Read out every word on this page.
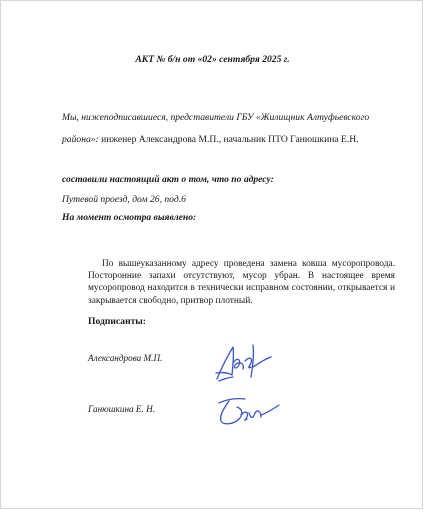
АКТ № б/н от «02» сентября 2025 г.
Мы, нижеподписавшиеся, представители ГБУ «Жилищник Алтуфьевского
района»: инженер Александрова М.П., начальник ПТО Ганюшкина Е.Н.
составили настоящий акт о том, что по адресу:
Путевой проезд, дом 26, под.6
На момент осмотра выявлено:
По вышеуказанному адресу проведена замена ковша мусоропровода.
Посторонние запахи отсутствуют, мусор убран. В настоящее время
мусоропровод находится в технически исправном состоянии, открывается и
закрывается свободно, притвор плотный.
Подписанты:
Александрова М.П.
Ганюшкина Е. Н.
